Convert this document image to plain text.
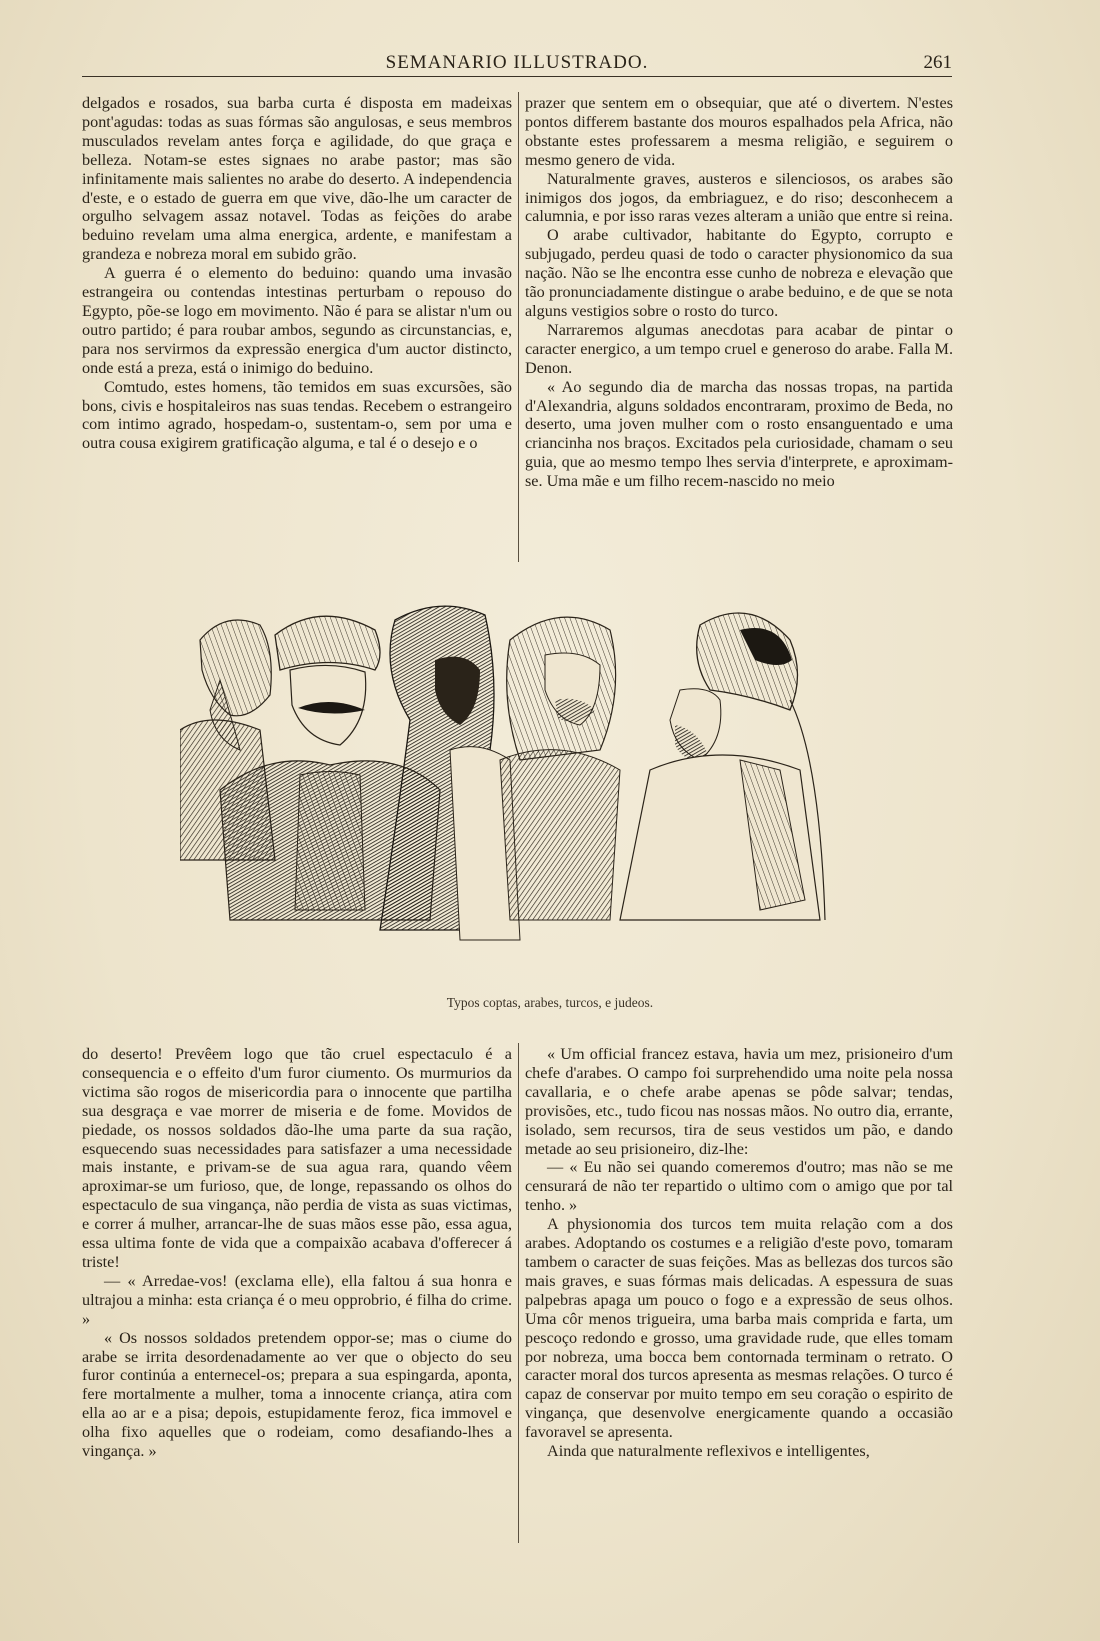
SEMANARIO ILLUSTRADO.	261

delgados e rosados, sua barba curta é disposta em madeixas pont'agudas: todas as suas fórmas são angulosas, e seus membros musculados revelam antes força e agilidade, do que graça e belleza. Notam-se estes signaes no arabe pastor; mas são infinitamente mais salientes no arabe do deserto. A independencia d'este, e o estado de guerra em que vive, dão-lhe um caracter de orgulho selvagem assaz notavel. Todas as feições do arabe beduino revelam uma alma energica, ardente, e manifestam a grandeza e nobreza moral em subido grão.

A guerra é o elemento do beduino: quando uma invasão estrangeira ou contendas intestinas perturbam o repouso do Egypto, põe-se logo em movimento. Não é para se alistar n'um ou outro partido; é para roubar ambos, segundo as circunstancias, e, para nos servirmos da expressão energica d'um auctor distincto, onde está a preza, está o inimigo do beduino.

Comtudo, estes homens, tão temidos em suas excursões, são bons, civis e hospitaleiros nas suas tendas. Recebem o estrangeiro com intimo agrado, hospedam-o, sustentam-o, sem por uma e outra cousa exigirem gratificação alguma, e tal é o desejo e o

prazer que sentem em o obsequiar, que até o divertem. N'estes pontos differem bastante dos mouros espalhados pela Africa, não obstante estes professarem a mesma religião, e seguirem o mesmo genero de vida.

Naturalmente graves, austeros e silenciosos, os arabes são inimigos dos jogos, da embriaguez, e do riso; desconhecem a calumnia, e por isso raras vezes alteram a união que entre si reina.

O arabe cultivador, habitante do Egypto, corrupto e subjugado, perdeu quasi de todo o caracter physionomico da sua nação. Não se lhe encontra esse cunho de nobreza e elevação que tão pronunciadamente distingue o arabe beduino, e de que se nota alguns vestigios sobre o rosto do turco.

Narraremos algumas anecdotas para acabar de pintar o caracter energico, a um tempo cruel e generoso do arabe. Falla M. Denon.

« Ao segundo dia de marcha das nossas tropas, na partida d'Alexandria, alguns soldados encontraram, proximo de Beda, no deserto, uma joven mulher com o rosto ensanguentado e uma criancinha nos braços. Excitados pela curiosidade, chamam o seu guia, que ao mesmo tempo lhes servia d'interprete, e aproximam-se. Uma mãe e um filho recem-nascido no meio

Typos coptas, arabes, turcos, e judeos.

do deserto! Prevêem logo que tão cruel espectaculo é a consequencia e o effeito d'um furor ciumento. Os murmurios da victima são rogos de misericordia para o innocente que partilha sua desgraça e vae morrer de miseria e de fome. Movidos de piedade, os nossos soldados dão-lhe uma parte da sua ração, esquecendo suas necessidades para satisfazer a uma necessidade mais instante, e privam-se de sua agua rara, quando vêem aproximar-se um furioso, que, de longe, repassando os olhos do espectaculo de sua vingança, não perdia de vista as suas victimas, e correr á mulher, arrancar-lhe de suas mãos esse pão, essa agua, essa ultima fonte de vida que a compaixão acabava d'offerecer á triste!

— « Arredae-vos! (exclama elle), ella faltou á sua honra e ultrajou a minha: esta criança é o meu opprobrio, é filha do crime. »

« Os nossos soldados pretendem oppor-se; mas o ciume do arabe se irrita desordenadamente ao ver que o objecto do seu furor continúa a enternecel-os; prepara a sua espingarda, aponta, fere mortalmente a mulher, toma a innocente criança, atira com ella ao ar e a pisa; depois, estupidamente feroz, fica immovel e olha fixo aquelles que o rodeiam, como desafiando-lhes a vingança. »

« Um official francez estava, havia um mez, prisioneiro d'um chefe d'arabes. O campo foi surprehendido uma noite pela nossa cavallaria, e o chefe arabe apenas se pôde salvar; tendas, provisões, etc., tudo ficou nas nossas mãos. No outro dia, errante, isolado, sem recursos, tira de seus vestidos um pão, e dando metade ao seu prisioneiro, diz-lhe:

— « Eu não sei quando comeremos d'outro; mas não se me censurará de não ter repartido o ultimo com o amigo que por tal tenho. »

A physionomia dos turcos tem muita relação com a dos arabes. Adoptando os costumes e a religião d'este povo, tomaram tambem o caracter de suas feições. Mas as bellezas dos turcos são mais graves, e suas fórmas mais delicadas. A espessura de suas palpebras apaga um pouco o fogo e a expressão de seus olhos. Uma côr menos trigueira, uma barba mais comprida e farta, um pescoço redondo e grosso, uma gravidade rude, que elles tomam por nobreza, uma bocca bem contornada terminam o retrato. O caracter moral dos turcos apresenta as mesmas relações. O turco é capaz de conservar por muito tempo em seu coração o espirito de vingança, que desenvolve energicamente quando a occasião favoravel se apresenta.

Ainda que naturalmente reflexivos e intelligentes,
